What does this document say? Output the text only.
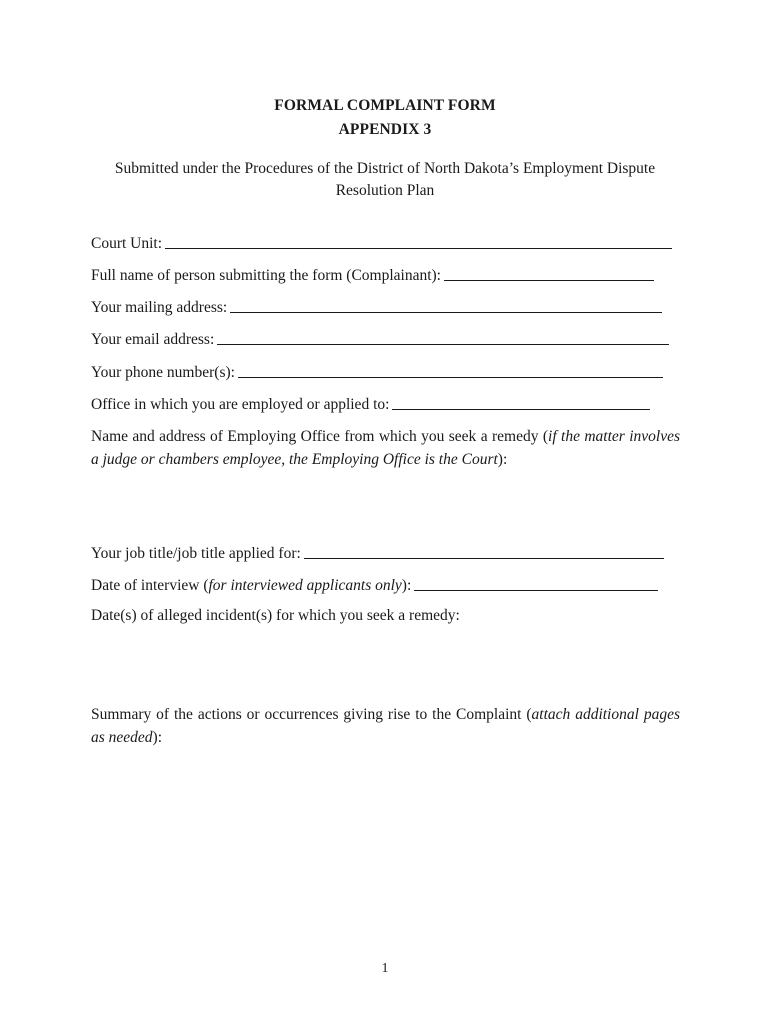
FORMAL COMPLAINT FORM
APPENDIX 3
Submitted under the Procedures of the District of North Dakota’s Employment Dispute
Resolution Plan
Court Unit:
Full name of person submitting the form (Complainant):
Your mailing address:
Your email address:
Your phone number(s):
Office in which you are employed or applied to:
Name and address of Employing Office from which you seek a remedy (if the matter involves a judge or chambers employee, the Employing Office is the Court):
Your job title/job title applied for:
Date of interview (for interviewed applicants only):
Date(s) of alleged incident(s) for which you seek a remedy:
Summary of the actions or occurrences giving rise to the Complaint (attach additional pages as needed):
1
